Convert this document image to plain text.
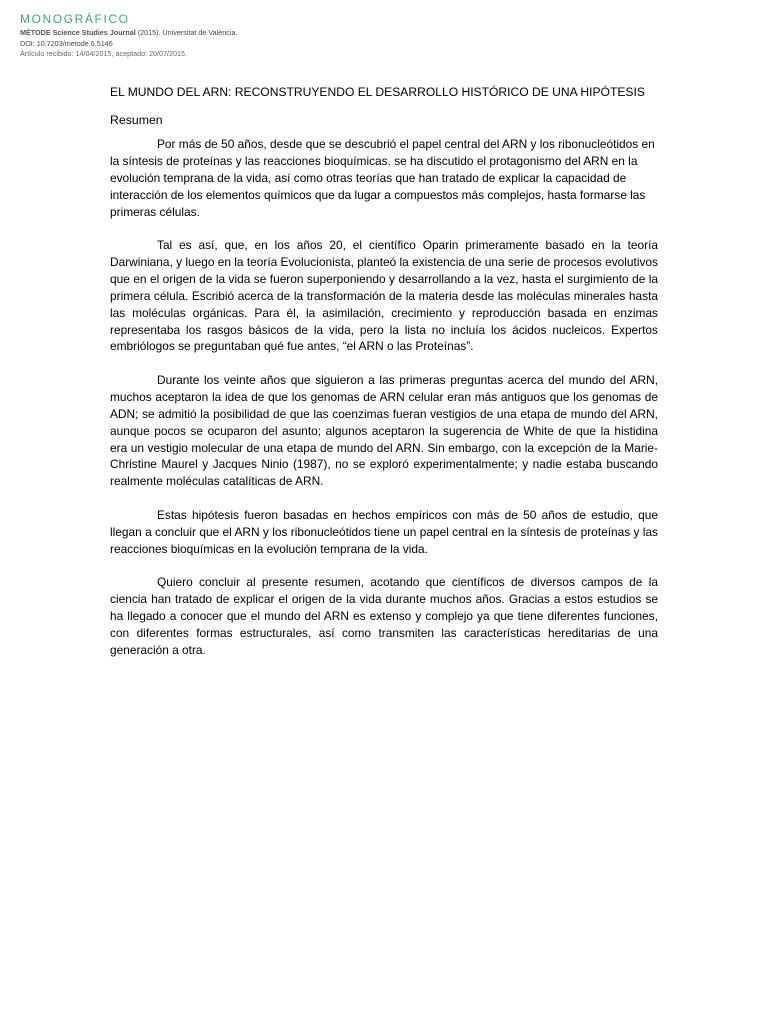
MONOGRÁFICO
MÈTODE Science Studies Journal (2015). Universitat de València.
DOI: 10.7203/metode.6.5146
Artículo recibido: 14/04/2015, aceptado: 20/07/2015.
EL MUNDO DEL ARN: RECONSTRUYENDO EL DESARROLLO HISTÓRICO DE UNA HIPÓTESIS
Resumen

Por más de 50 años, desde que se descubrió el papel central del ARN y los ribonucleótidos en la síntesis de proteínas y las reacciones bioquímicas. se ha discutido el protagonismo del ARN en la evolución temprana de la vida, así como otras teorías que han tratado de explicar la capacidad de interacción de los elementos químicos que da lugar a compuestos más complejos, hasta formarse las primeras células.

Tal es así, que, en los años 20, el científico Oparin primeramente basado en la teoría Darwiniana, y luego en la teoría Evolucionista, planteó la existencia de una serie de procesos evolutivos que en el origen de la vida se fueron superponiendo y desarrollando a la vez, hasta el surgimiento de la primera célula. Escribió acerca de la transformación de la materia desde las moléculas minerales hasta las moléculas orgánicas. Para él, la asimilación, crecimiento y reproducción basada en enzimas representaba los rasgos básicos de la vida, pero la lista no incluía los ácidos nucleicos. Expertos embriólogos se preguntaban qué fue antes, “el ARN o las Proteínas”.

Durante los veinte años que siguieron a las primeras preguntas acerca del mundo del ARN, muchos aceptaron la idea de que los genomas de ARN celular eran más antiguos que los genomas de ADN; se admitió la posibilidad de que las coenzimas fueran vestigios de una etapa de mundo del ARN, aunque pocos se ocuparon del asunto; algunos aceptaron la sugerencia de White de que la histidina era un vestigio molecular de una etapa de mundo del ARN. Sin embargo, con la excepción de la Marie-Christine Maurel y Jacques Ninio (1987), no se exploró experimentalmente; y nadie estaba buscando realmente moléculas catalíticas de ARN.

Estas hipótesis fueron basadas en hechos empíricos con más de 50 años de estudio, que llegan a concluir que el ARN y los ribonucleótidos tiene un papel central en la síntesis de proteínas y las reacciones bioquímicas en la evolución temprana de la vida.

Quiero concluir al presente resumen, acotando que científicos de diversos campos de la ciencia han tratado de explicar el origen de la vida durante muchos años. Gracias a estos estudios se ha llegado a conocer que el mundo del ARN es extenso y complejo ya que tiene diferentes funciones, con diferentes formas estructurales, así como transmiten las características hereditarias de una generación a otra.
